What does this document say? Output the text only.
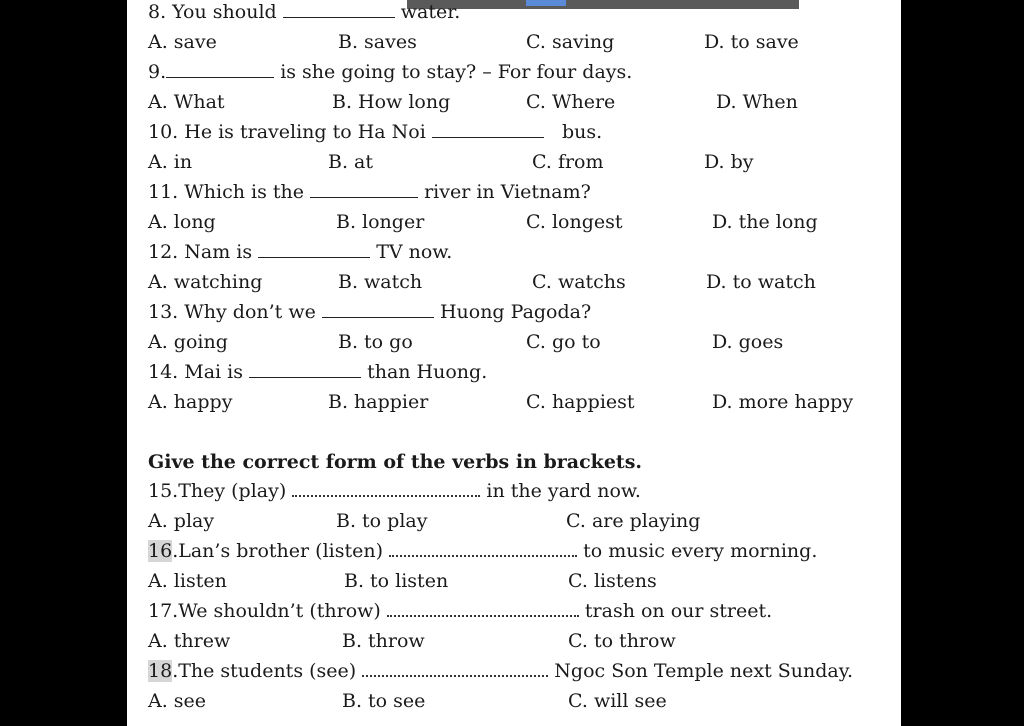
8. You should	water.
A. save	B. saves	C. saving	D. to save
9.	is she going to stay? – For four days.
A. What	B. How long	C. Where	D. When
10. He is traveling to Ha Noi	bus.
A. in	B. at	C. from	D. by
11. Which is the	river in Vietnam?
A. long	B. longer	C. longest	D. the long
12. Nam is	TV now.
A. watching	B. watch	C. watchs	D. to watch
13. Why don’t we	Huong Pagoda?
A. going	B. to go	C. go to	D. goes
14. Mai is	than Huong.
A. happy	B. happier	C. happiest	D. more happy
Give the correct form of the verbs in brackets.
15.They (play)	in the yard now.
A. play	B. to play	C. are playing
16.Lan’s brother (listen)	to music every morning.
A. listen	B. to listen	C. listens
17.We shouldn’t (throw)	trash on our street.
A. threw	B. throw	C. to throw
18.The students (see)	Ngoc Son Temple next Sunday.
A. see	B. to see	C. will see
